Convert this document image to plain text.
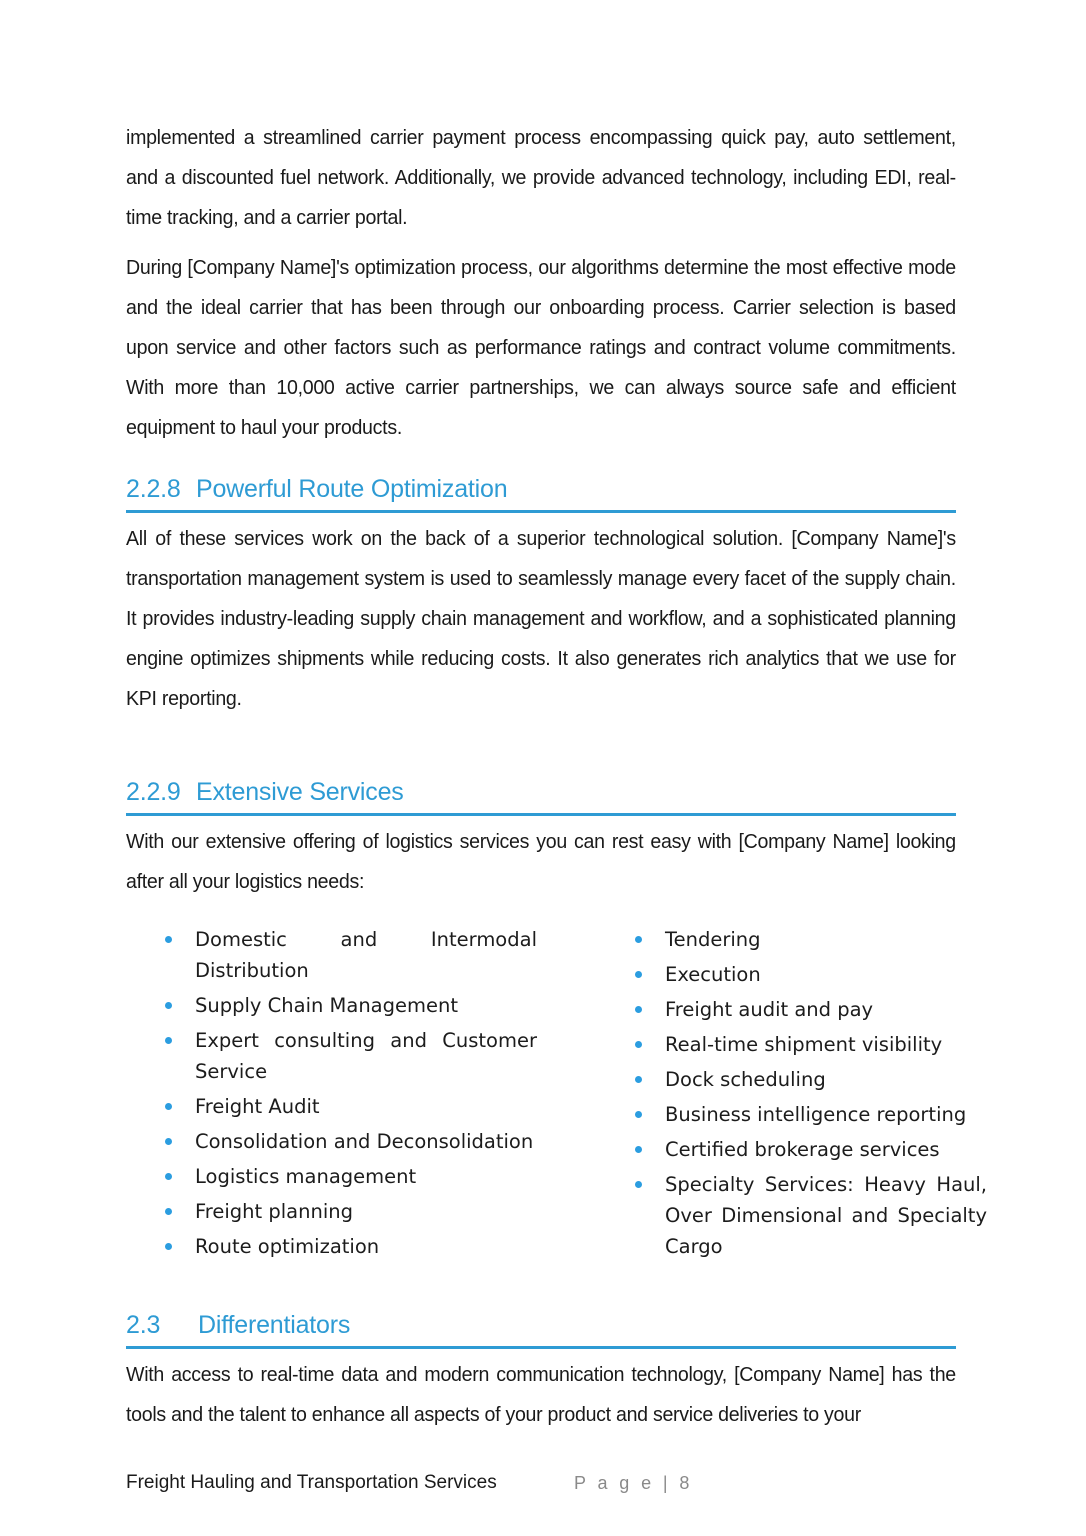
implemented a streamlined carrier payment process encompassing quick pay, auto settlement, and a discounted fuel network. Additionally, we provide advanced technology, including EDI, real-time tracking, and a carrier portal.

During [Company Name]'s optimization process, our algorithms determine the most effective mode and the ideal carrier that has been through our onboarding process. Carrier selection is based upon service and other factors such as performance ratings and contract volume commitments. With more than 10,000 active carrier partnerships, we can always source safe and efficient equipment to haul your products.

2.2.8 Powerful Route Optimization

All of these services work on the back of a superior technological solution. [Company Name]'s transportation management system is used to seamlessly manage every facet of the supply chain. It provides industry-leading supply chain management and workflow, and a sophisticated planning engine optimizes shipments while reducing costs. It also generates rich analytics that we use for KPI reporting.

2.2.9 Extensive Services

With our extensive offering of logistics services you can rest easy with [Company Name] looking after all your logistics needs:

Domestic and Intermodal Distribution
Supply Chain Management
Expert consulting and Customer Service
Freight Audit
Consolidation and Deconsolidation
Logistics management
Freight planning
Route optimization
Tendering
Execution
Freight audit and pay
Real-time shipment visibility
Dock scheduling
Business intelligence reporting
Certified brokerage services
Specialty Services: Heavy Haul, Over Dimensional and Specialty Cargo
2.3 Differentiators

With access to real-time data and modern communication technology, [Company Name] has the tools and the talent to enhance all aspects of your product and service deliveries to your

Freight Hauling and Transportation Services	P a g e | 8
